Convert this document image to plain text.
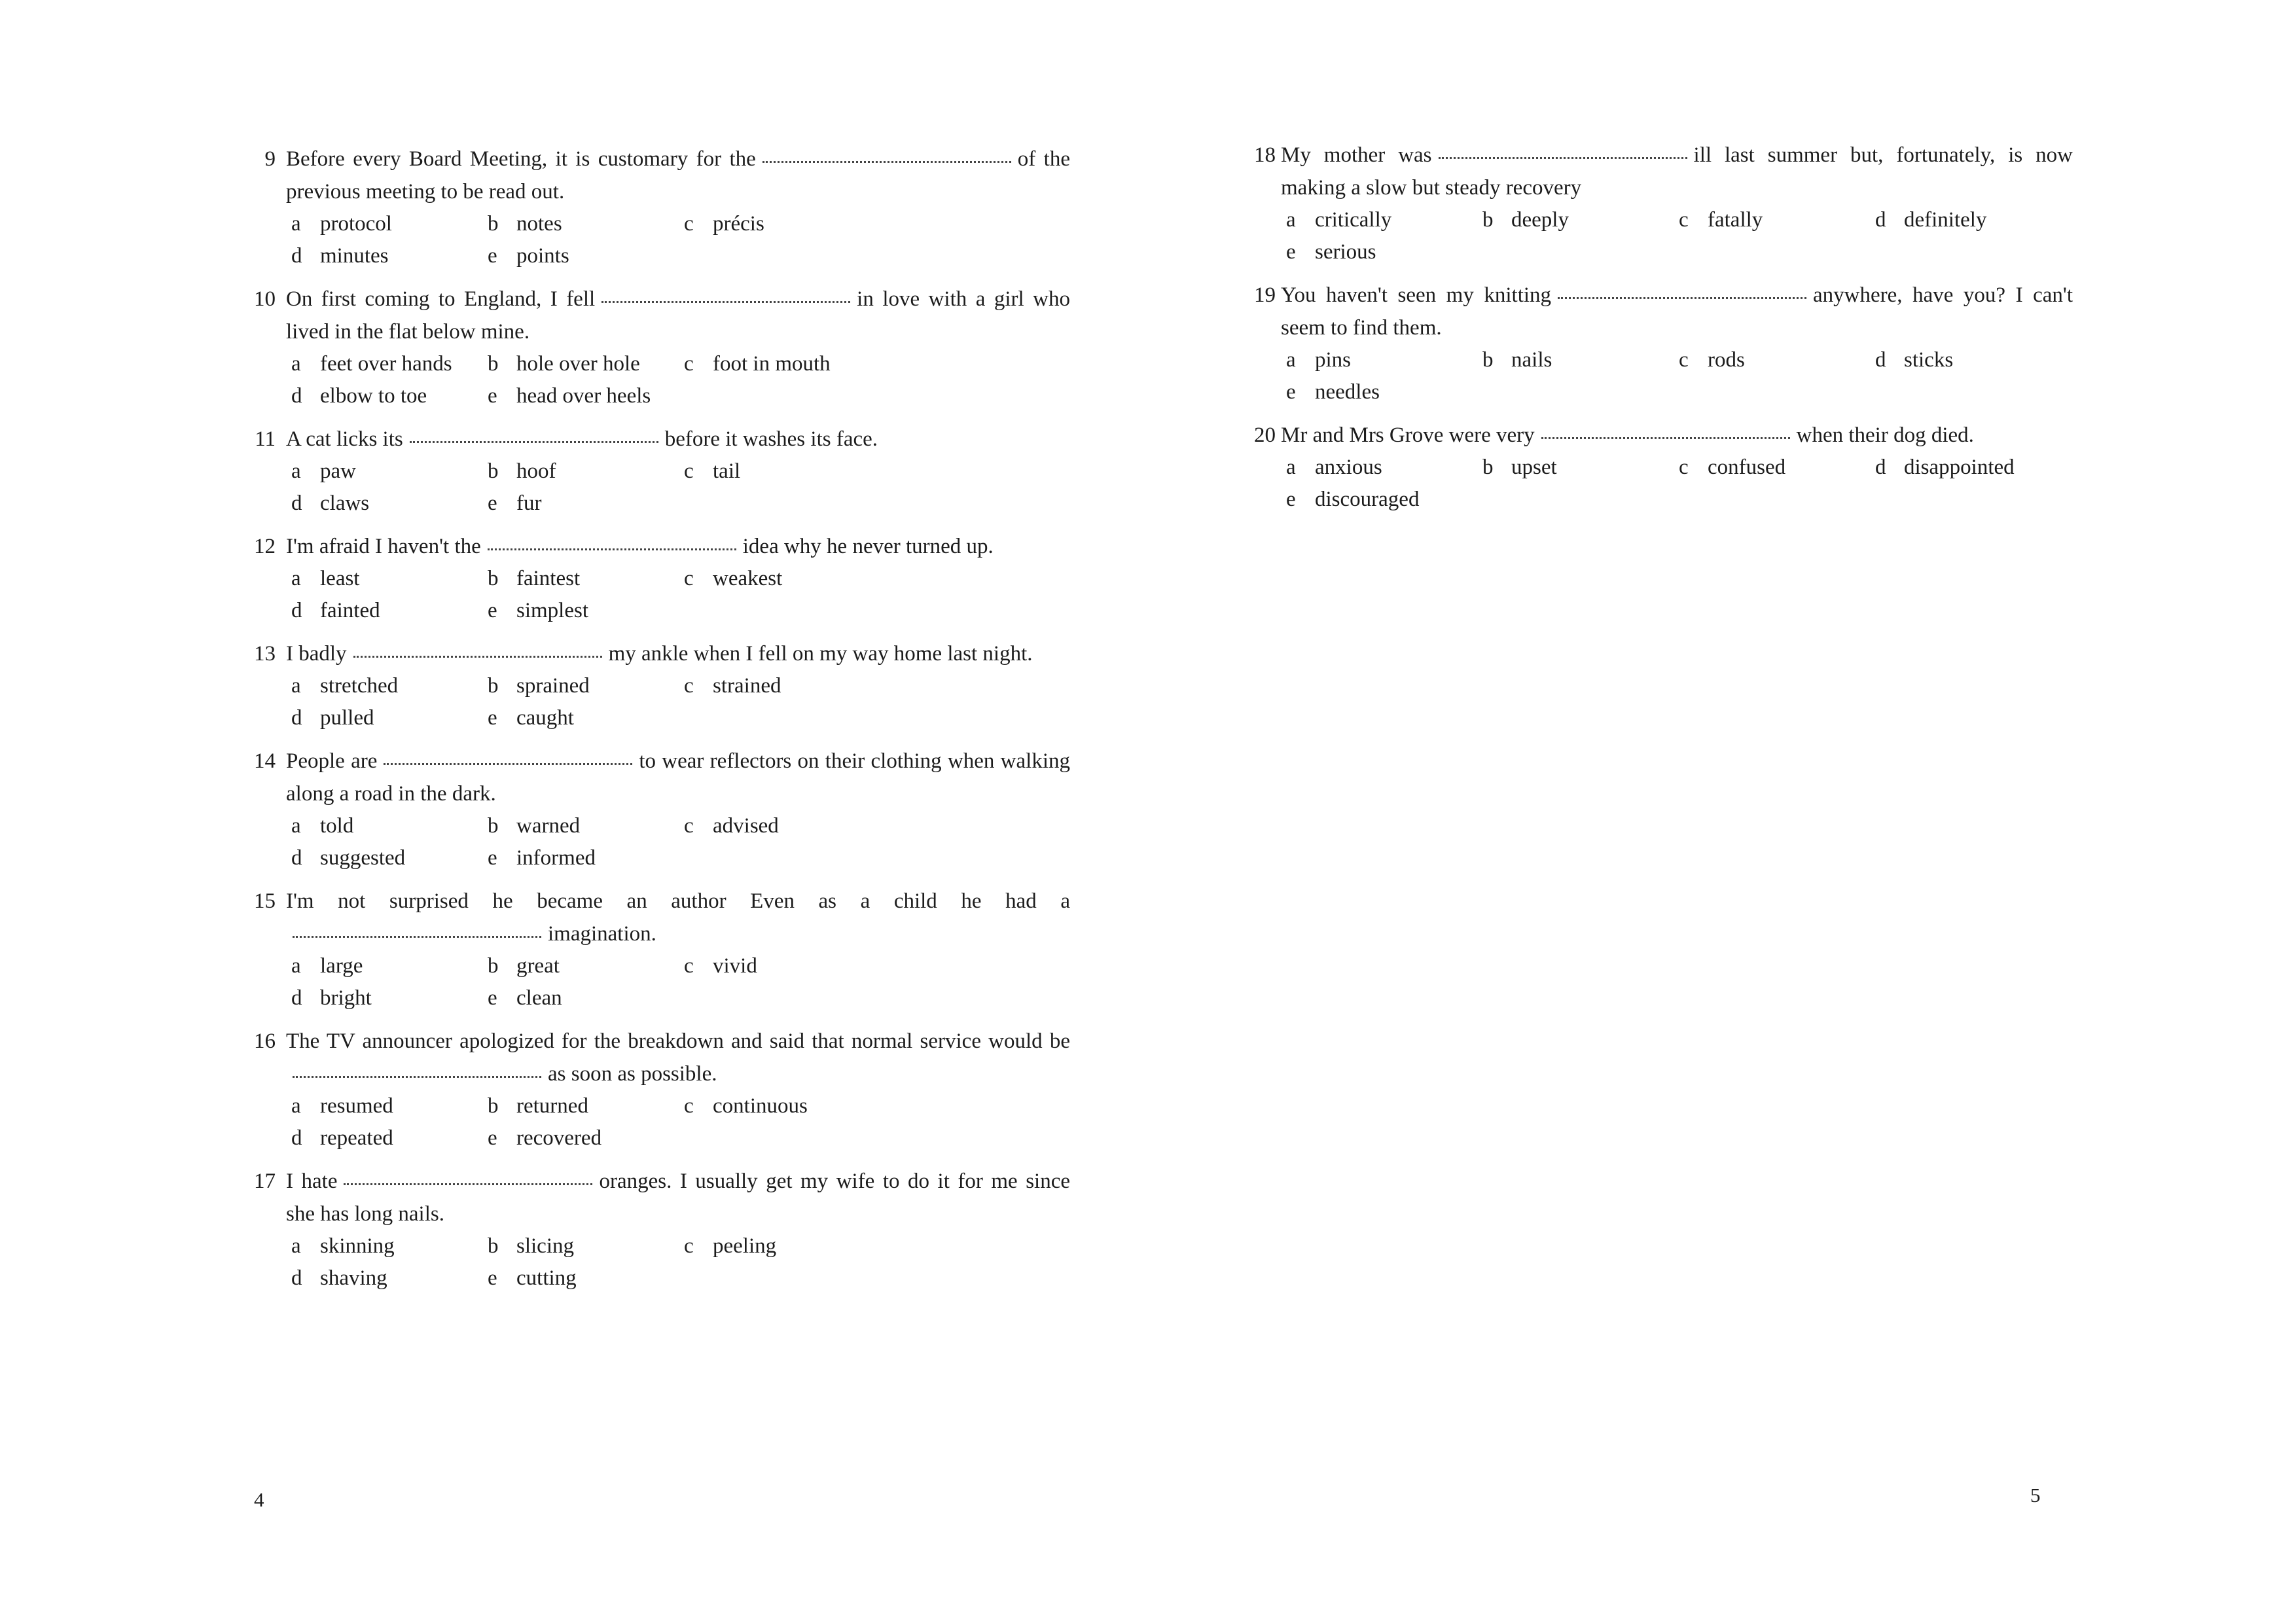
9 Before every Board Meeting, it is customary for the	of the previous meeting to be read out.
a protocol	b notes	c précis
d minutes	e points
10 On first coming to England, I fell	in love with a girl who lived in the flat below mine.
a feet over hands	b hole over hole	c foot in mouth
d elbow to toe	e head over heels
11 A cat licks its	before it washes its face.
a paw	b hoof	c tail
d claws	e fur
12 I'm afraid I haven't the	idea why he never turned up.
a least	b faintest	c weakest
d fainted	e simplest
13 I badly	my ankle when I fell on my way home last night.
a stretched	b sprained	c strained
d pulled	e caught
14 People are	to wear reflectors on their clothing when walking along a road in the dark.
a told	b warned	c advised
d suggested	e informed
15 I'm not surprised he became an author Even as a child he had aimagination.
a large	b great	c vivid
d bright	e clean
16 The TV announcer apologized for the breakdown and said that normal service would beas soon as possible.
a resumed	b returned	c continuous
d repeated	e recovered
17 I hate	oranges. I usually get my wife to do it for me since she has long nails.
a skinning	b slicing	c peeling
d shaving	e cutting
18 My mother was	ill last summer but, fortunately, is now making a slow but steady recovery
a critically	b deeply	c fatally	d definitely
e serious
19 You haven't seen my knitting	anywhere, have you? I can't seem to find them.
a pins	b nails	c rods	d sticks
e needles
20 Mr and Mrs Grove were very	when their dog died.
a anxious	b upset	c confused	d disappointed
e discouraged
4	5
